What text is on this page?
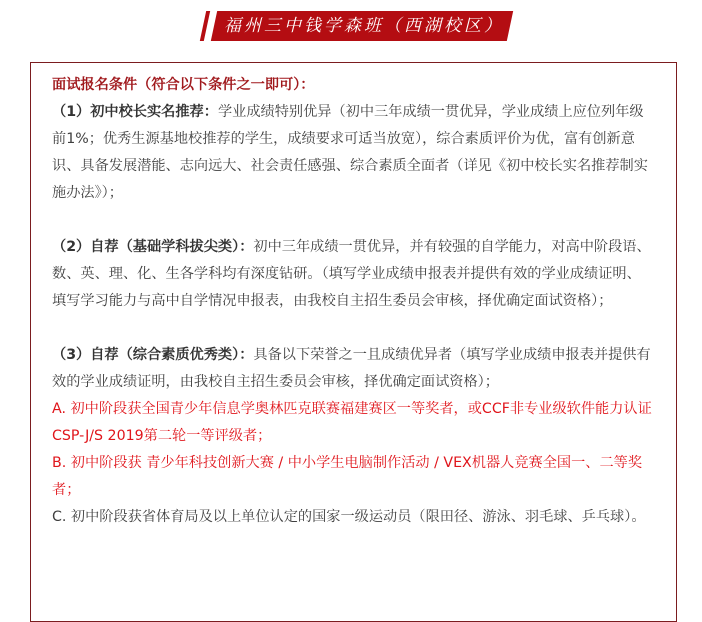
福州三中钱学森班（西湖校区）

面试报名条件（符合以下条件之一即可）：

（1）初中校长实名推荐：学业成绩特别优异（初中三年成绩一贯优异，学业成绩上应位列年级前1%；优秀生源基地校推荐的学生，成绩要求可适当放宽），综合素质评价为优，富有创新意识、具备发展潜能、志向远大、社会责任感强、综合素质全面者（详见《初中校长实名推荐制实施办法》）；

（2）自荐（基础学科拔尖类）：初中三年成绩一贯优异，并有较强的自学能力，对高中阶段语、数、英、理、化、生各学科均有深度钻研。（填写学业成绩申报表并提供有效的学业成绩证明、填写学习能力与高中自学情况申报表，由我校自主招生委员会审核，择优确定面试资格）；

（3）自荐（综合素质优秀类）：具备以下荣誉之一且成绩优异者（填写学业成绩申报表并提供有效的学业成绩证明，由我校自主招生委员会审核，择优确定面试资格）；

A. 初中阶段获全国青少年信息学奥林匹克联赛福建赛区一等奖者，或CCF非专业级软件能力认证CSP-J/S 2019第二轮一等评级者；

B. 初中阶段获 青少年科技创新大赛 / 中小学生电脑制作活动 / VEX机器人竞赛全国一、二等奖者；

C. 初中阶段获省体育局及以上单位认定的国家一级运动员（限田径、游泳、羽毛球、乒乓球）。
